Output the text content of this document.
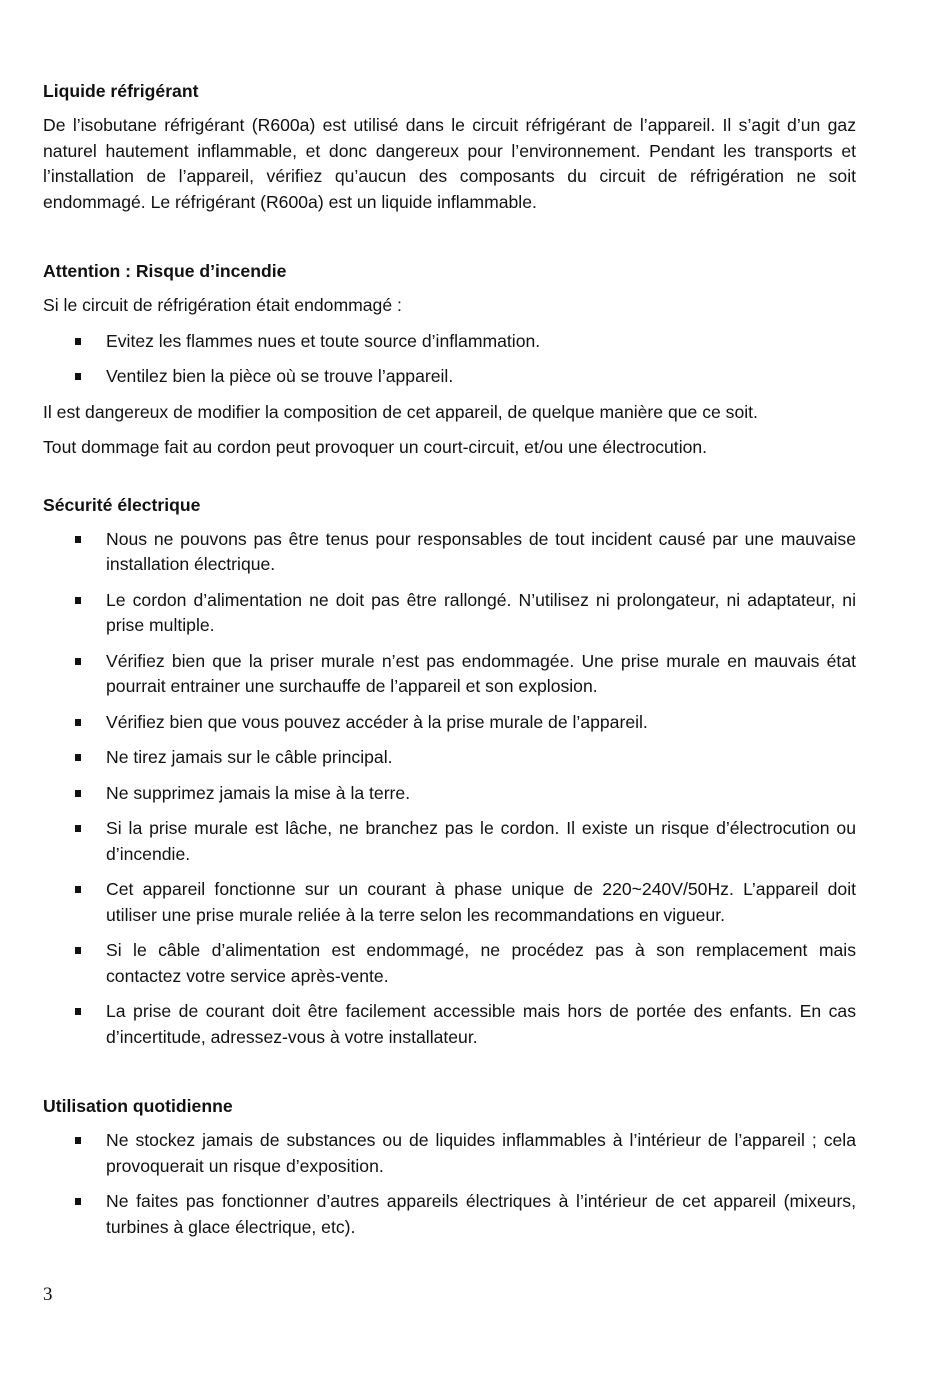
Liquide réfrigérant

De l’isobutane réfrigérant (R600a) est utilisé dans le circuit réfrigérant de l’appareil. Il s’agit d’un gaz naturel hautement inflammable, et donc dangereux pour l’environnement. Pendant les transports et l’installation de l’appareil, vérifiez qu’aucun des composants du circuit de réfrigération ne soit endommagé. Le réfrigérant (R600a) est un liquide inflammable.

Attention : Risque d’incendie

Si le circuit de réfrigération était endommagé :

Evitez les flammes nues et toute source d’inflammation.
Ventilez bien la pièce où se trouve l’appareil.

Il est dangereux de modifier la composition de cet appareil, de quelque manière que ce soit.

Tout dommage fait au cordon peut provoquer un court-circuit, et/ou une électrocution.

Sécurité électrique
Nous ne pouvons pas être tenus pour responsables de tout incident causé par une mauvaise installation électrique.
Le cordon d’alimentation ne doit pas être rallongé. N’utilisez ni prolongateur, ni adaptateur, ni prise multiple.
Vérifiez bien que la priser murale n’est pas endommagée. Une prise murale en mauvais état pourrait entrainer une surchauffe de l’appareil et son explosion.
Vérifiez bien que vous pouvez accéder à la prise murale de l’appareil.
Ne tirez jamais sur le câble principal.
Ne supprimez jamais la mise à la terre.
Si la prise murale est lâche, ne branchez pas le cordon. Il existe un risque d’électrocution ou d’incendie.
Cet appareil fonctionne sur un courant à phase unique de 220~240V/50Hz. L’appareil doit utiliser une prise murale reliée à la terre selon les recommandations en vigueur.
Si le câble d’alimentation est endommagé, ne procédez pas à son remplacement mais contactez votre service après-vente.
La prise de courant doit être facilement accessible mais hors de portée des enfants. En cas d’incertitude, adressez-vous à votre installateur.
Utilisation quotidienne
Ne stockez jamais de substances ou de liquides inflammables à l’intérieur de l’appareil ; cela provoquerait un risque d’exposition.
Ne faites pas fonctionner d’autres appareils électriques à l’intérieur de cet appareil (mixeurs, turbines à glace électrique, etc).
3
